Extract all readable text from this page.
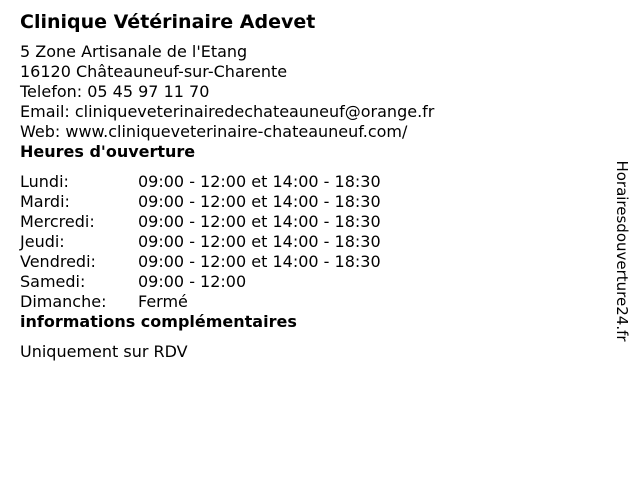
Clinique Vétérinaire Adevet
5 Zone Artisanale de l'Etang
16120 Châteauneuf-sur-Charente
Telefon: 05 45 97 11 70
Email: cliniqueveterinairedechateauneuf@orange.fr
Web: www.cliniqueveterinaire-chateauneuf.com/
Heures d'ouverture
Lundi:	09:00 - 12:00 et 14:00 - 18:30
Mardi:	09:00 - 12:00 et 14:00 - 18:30
Mercredi:	09:00 - 12:00 et 14:00 - 18:30
Jeudi:	09:00 - 12:00 et 14:00 - 18:30
Vendredi:	09:00 - 12:00 et 14:00 - 18:30
Samedi:	09:00 - 12:00
Dimanche:	Fermé
informations complémentaires
Uniquement sur RDV
Horairesdouverture24.fr
